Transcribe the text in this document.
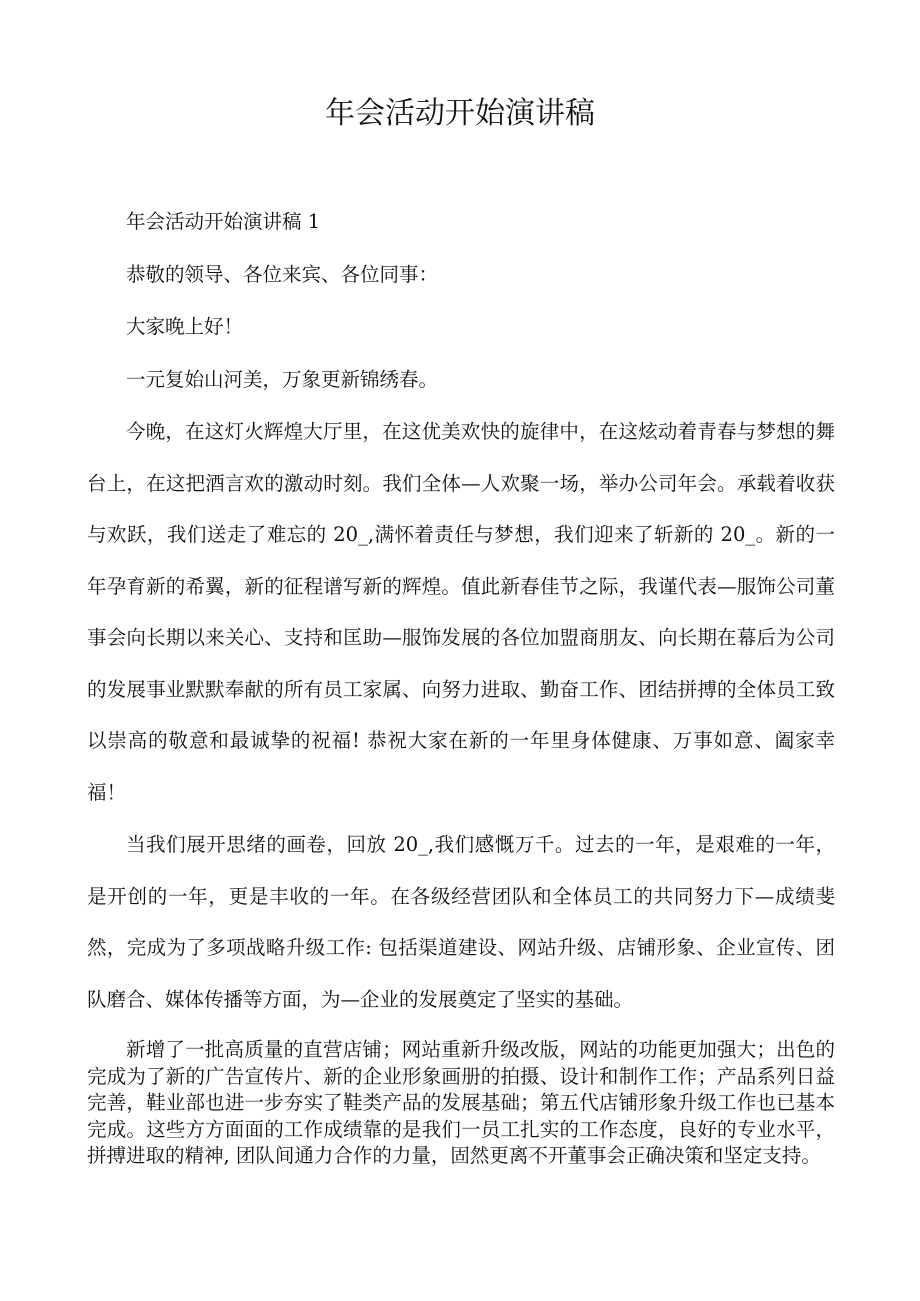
年会活动开始演讲稿

年会活动开始演讲稿 1

恭敬的领导、各位来宾、各位同事：

大家晚上好！

一元复始山河美，万象更新锦绣春。

今晚，在这灯火辉煌大厅里，在这优美欢快的旋律中，在这炫动着青春与梦想的舞台上，在这把酒言欢的激动时刻。我们全体—人欢聚一场，举办公司年会。承载着收获与欢跃，我们送走了难忘的 20_,满怀着责任与梦想，我们迎来了斩新的 20_。新的一年孕育新的希翼，新的征程谱写新的辉煌。值此新春佳节之际，我谨代表—服饰公司董事会向长期以来关心、支持和匡助—服饰发展的各位加盟商朋友、向长期在幕后为公司的发展事业默默奉献的所有员工家属、向努力进取、勤奋工作、团结拼搏的全体员工致以崇高的敬意和最诚挚的祝福! 恭祝大家在新的一年里身体健康、万事如意、阖家幸福！

当我们展开思绪的画卷，回放 20_,我们感慨万千。过去的一年，是艰难的一年，是开创的一年，更是丰收的一年。在各级经营团队和全体员工的共同努力下—成绩斐然，完成为了多项战略升级工作: 包括渠道建设、网站升级、店铺形象、企业宣传、团队磨合、媒体传播等方面，为—企业的发展奠定了坚实的基础。

新增了一批高质量的直营店铺；网站重新升级改版，网站的功能更加强大；出色的完成为了新的广告宣传片、新的企业形象画册的拍摄、设计和制作工作；产品系列日益完善，鞋业部也进一步夯实了鞋类产品的发展基础；第五代店铺形象升级工作也已基本完成。这些方方面面的工作成绩靠的是我们一员工扎实的工作态度，良好的专业水平，拼搏进取的精神, 团队间通力合作的力量，固然更离不开董事会正确决策和坚定支持。
